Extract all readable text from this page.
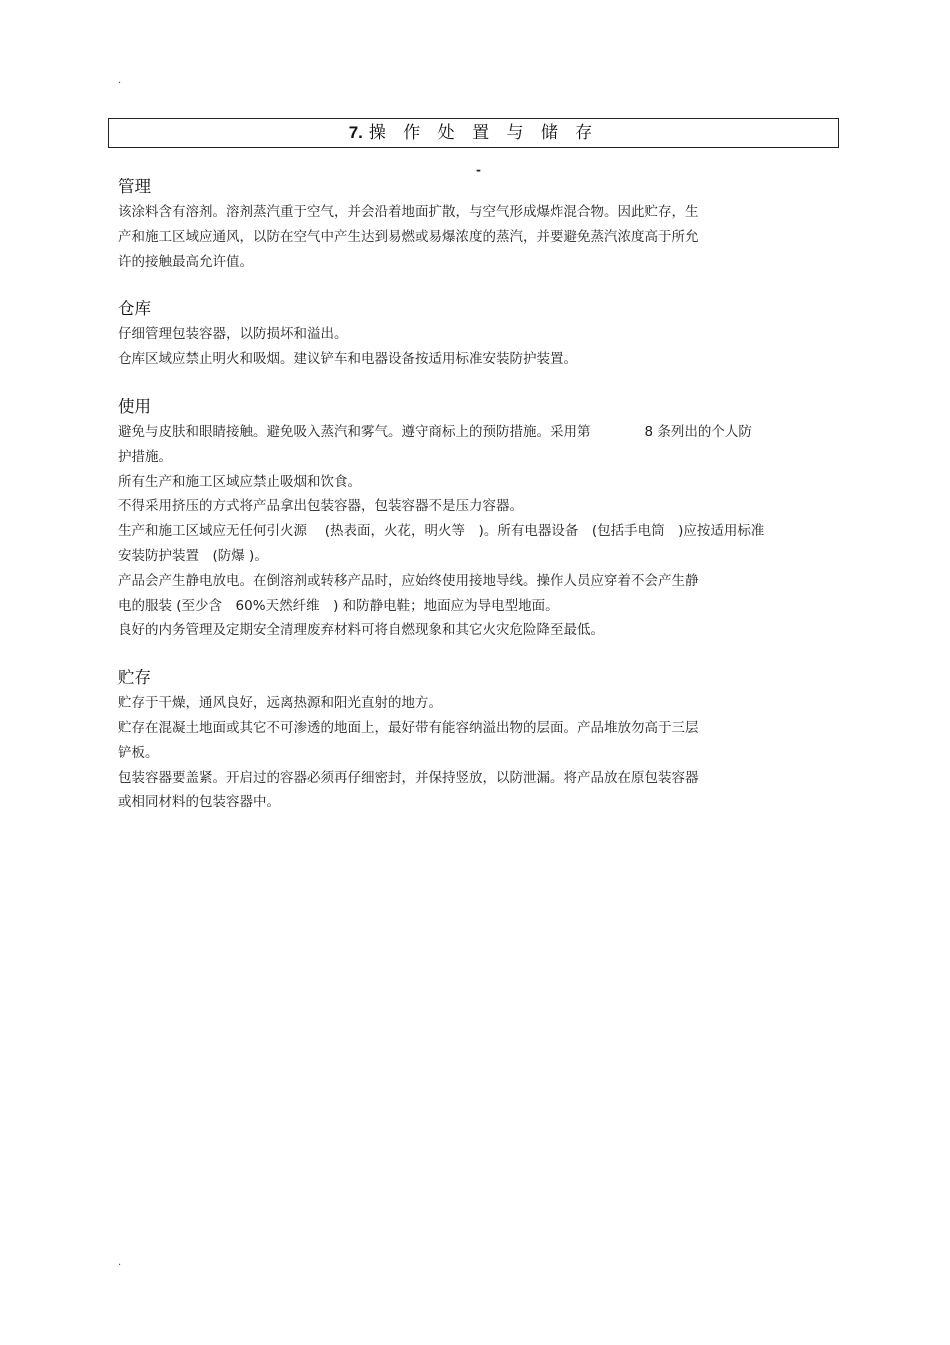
.
7. 操 作 处 置 与 储 存
-
管理
该涂料含有溶剂。溶剂蒸汽重于空气，并会沿着地面扩散，与空气形成爆炸混合物。因此贮存，生
产和施工区域应通风，以防在空气中产生达到易燃或易爆浓度的蒸汽，并要避免蒸汽浓度高于所允
许的接触最高允许值。
仓库
仔细管理包装容器，以防损坏和溢出。
仓库区域应禁止明火和吸烟。建议铲车和电器设备按适用标准安装防护装置。
使用
避免与皮肤和眼睛接触。避免吸入蒸汽和雾气。遵守商标上的预防措施。采用第　　　　8 条列出的个人防
护措施。
所有生产和施工区域应禁止吸烟和饮食。
不得采用挤压的方式将产品拿出包装容器，包装容器不是压力容器。
生产和施工区域应无任何引火源　 (热表面，火花，明火等　)。所有电器设备　(包括手电筒　)应按适用标准
安装防护装置　(防爆 )。
产品会产生静电放电。在倒溶剂或转移产品时，应始终使用接地导线。操作人员应穿着不会产生静
电的服装 (至少含　60%天然纤维　) 和防静电鞋；地面应为导电型地面。
良好的内务管理及定期安全清理废弃材料可将自燃现象和其它火灾危险降至最低。
贮存
贮存于干燥，通风良好，远离热源和阳光直射的地方。
贮存在混凝土地面或其它不可渗透的地面上，最好带有能容纳溢出物的层面。产品堆放勿高于三层
铲板。
包装容器要盖紧。开启过的容器必须再仔细密封，并保持竖放，以防泄漏。将产品放在原包装容器
或相同材料的包装容器中。
.
